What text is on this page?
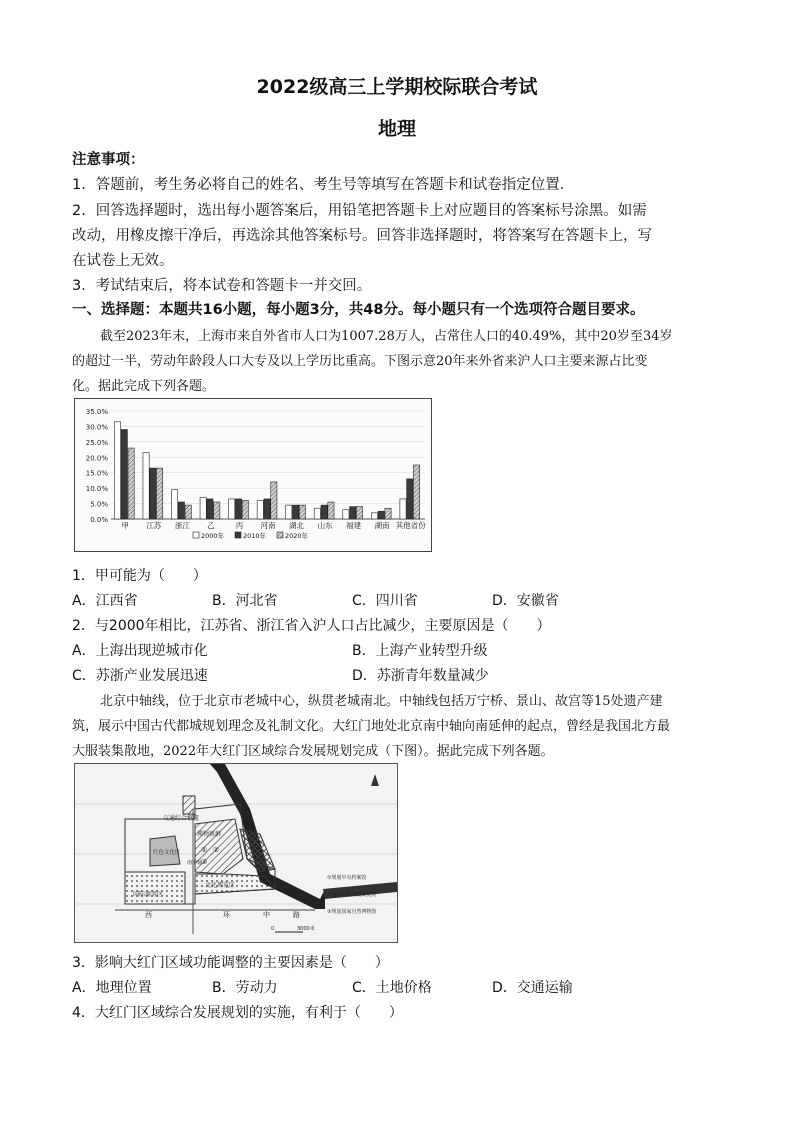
2022级高三上学期校际联合考试
地理
注意事项：
1．答题前，考生务必将自己的姓名、考生号等填写在答题卡和试卷指定位置．
2．回答选择题时，选出每小题答案后，用铅笔把答题卡上对应题目的答案标号涂黑。如需
改动，用橡皮擦干净后，再选涂其他答案标号。回答非选择题时，将答案写在答题卡上，写
在试卷上无效。
3．考试结束后，将本试卷和答题卡一并交回。
一、选择题：本题共16小题，每小题3分，共48分。每小题只有一个选项符合题目要求。
截至2023年末，上海市来自外省市人口为1007.28万人，占常住人口的40.49%，其中20岁至34岁
的超过一半，劳动年龄段人口大专及以上学历比重高。下图示意20年来外省来沪人口主要来源占比变
化。据此完成下列各题。
35.0%
30.0%
25.0%
20.0%
15.0%
10.0%
5.0%
0.0%
甲 江苏 浙江 乙	丙 河南 湖北 山东 福建 湖南 其他省份
2000年	2010年	2020年
1．甲可能为（　　）
A．江西省	B．河北省	C．四川省	D．安徽省
2．与2000年相比，江苏省、浙江省入沪人口占比减少，主要原因是（　　）
A．上海出现逆城市化	B．上海产业转型升级
C．苏浙产业发展迅速	D．苏浙青年数量减少
北京中轴线，位于北京市老城中心，纵贯老城南北。中轴线包括万宁桥、景山、故宫等15处遗产建
筑，展示中国古代都城规划理念及礼制文化。大红门地处北京南中轴向南延伸的起点，曾经是我国北方最
大服装集散地，2022年大红门区域综合发展规划完成（下图）。据此完成下列各题。
交通综合枢纽
博物馆群
文化博览区
国际商务区
红色文化区
南中轴
① ②
③
西	环	中	路
0	3000米
①规划中央档案馆
②规划首都规划展览馆
③规划国家自然博物馆
3．影响大红门区域功能调整的主要因素是（　　）
A．地理位置	B．劳动力	C．土地价格	D．交通运输
4．大红门区域综合发展规划的实施，有利于（　　）
